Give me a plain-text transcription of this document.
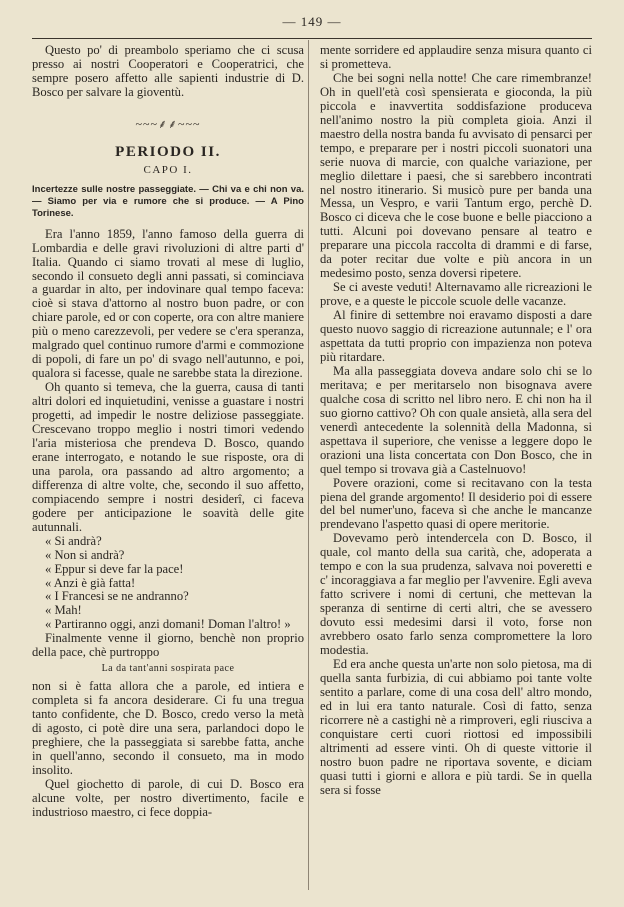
— 149 —

Questo po' di preambolo speriamo che ci scusa presso ai nostri Cooperatori e Cooperatrici, che sempre posero affetto alle sapienti industrie di D. Bosco per salvare la gioventù.

~~~⸙⸙~~~
PERIODO II.
CAPO I.
Incertezze sulle nostre passeggiate. — Chi va e chi non va. — Siamo per via e rumore che si produce. — A Pino Torinese.

Era l'anno 1859, l'anno famoso della guerra di Lombardia e delle gravi rivoluzioni di altre parti d' Italia. Quando ci siamo trovati al mese di luglio, secondo il consueto degli anni passati, si cominciava a guardar in alto, per indovinare qual tempo faceva: cioè si stava d'attorno al nostro buon padre, or con chiare parole, ed or con coperte, ora con altre maniere più o meno carezzevoli, per vedere se c'era speranza, malgrado quel continuo rumore d'armi e commozione di popoli, di fare un po' di svago nell'autunno, e poi, qualora si facesse, quale ne sarebbe stata la direzione.

Oh quanto si temeva, che la guerra, causa di tanti altri dolori ed inquietudini, venisse a guastare i nostri progetti, ad impedir le nostre deliziose passeggiate. Crescevano troppo meglio i nostri timori vedendo l'aria misteriosa che prendeva D. Bosco, quando erane interrogato, e notando le sue risposte, ora di una parola, ora passando ad altro argomento; a differenza di altre volte, che, secondo il suo affetto, compiacendo sempre i nostri desiderî, ci faceva godere per anticipazione le soavità delle gite autunnali.

« Si andrà?

« Non si andrà?

« Eppur si deve far la pace!

« Anzi è già fatta!

« I Francesi se ne andranno?

« Mah!

« Partiranno oggi, anzi domani! Doman l'altro! »

Finalmente venne il giorno, benchè non proprio della pace, chè purtroppo

La da tant'anni sospirata pace

non si è fatta allora che a parole, ed intiera e completa si fa ancora desiderare. Ci fu una tregua tanto confidente, che D. Bosco, credo verso la metà di agosto, ci potè dire una sera, parlandoci dopo le preghiere, che la passeggiata si sarebbe fatta, anche in quell'anno, secondo il consueto, ma in modo insolito.

Quel giochetto di parole, di cui D. Bosco era alcune volte, per nostro divertimento, facile e industrioso maestro, ci fece doppia-

mente sorridere ed applaudire senza misura quanto ci si prometteva.

Che bei sogni nella notte! Che care rimembranze! Oh in quell'età così spensierata e gioconda, la più piccola e inavvertita soddisfazione produceva nell'animo nostro la più completa gioia. Anzi il maestro della nostra banda fu avvisato di pensarci per tempo, e preparare per i nostri piccoli suonatori una serie nuova di marcie, con qualche variazione, per meglio dilettare i paesi, che si sarebbero incontrati nel nostro itinerario. Si musicò pure per banda una Messa, un Vespro, e varii Tantum ergo, perchè D. Bosco ci diceva che le cose buone e belle piacciono a tutti. Alcuni poi dovevano pensare al teatro e preparare una piccola raccolta di drammi e di farse, da poter recitar due volte e più ancora in un medesimo posto, senza doversi ripetere.

Se ci aveste veduti! Alternavamo alle ricreazioni le prove, e a queste le piccole scuole delle vacanze.

Al finire di settembre noi eravamo disposti a dare questo nuovo saggio di ricreazione autunnale; e l' ora aspettata da tutti proprio con impazienza non poteva più ritardare.

Ma alla passeggiata doveva andare solo chi se lo meritava; e per meritarselo non bisognava avere qualche cosa di scritto nel libro nero. E chi non ha il suo giorno cattivo? Oh con quale ansietà, alla sera del venerdì antecedente la solennità della Madonna, si aspettava il superiore, che venisse a leggere dopo le orazioni una lista concertata con Don Bosco, che in quel tempo si trovava già a Castelnuovo!

Povere orazioni, come si recitavano con la testa piena del grande argomento! Il desiderio poi di essere del bel numer'uno, faceva sì che anche le mancanze prendevano l'aspetto quasi di opere meritorie.

Dovevamo però intendercela con D. Bosco, il quale, col manto della sua carità, che, adoperata a tempo e con la sua prudenza, salvava noi poveretti e c' incoraggiava a far meglio per l'avvenire. Egli aveva fatto scrivere i nomi di certuni, che mettevan la speranza di sentirne di certi altri, che se avessero dovuto essi medesimi darsi il voto, forse non avrebbero osato farlo senza compromettere la loro modestia.

Ed era anche questa un'arte non solo pietosa, ma di quella santa furbizia, di cui abbiamo poi tante volte sentito a parlare, come di una cosa dell' altro mondo, ed in lui era tanto naturale. Così di fatto, senza ricorrere nè a castighi nè a rimproveri, egli riusciva a conquistare certi cuori riottosi ed impossibili altrimenti ad essere vinti. Oh di queste vittorie il nostro buon padre ne riportava sovente, e diciam quasi tutti i giorni e allora e più tardi. Se in quella sera si fosse
